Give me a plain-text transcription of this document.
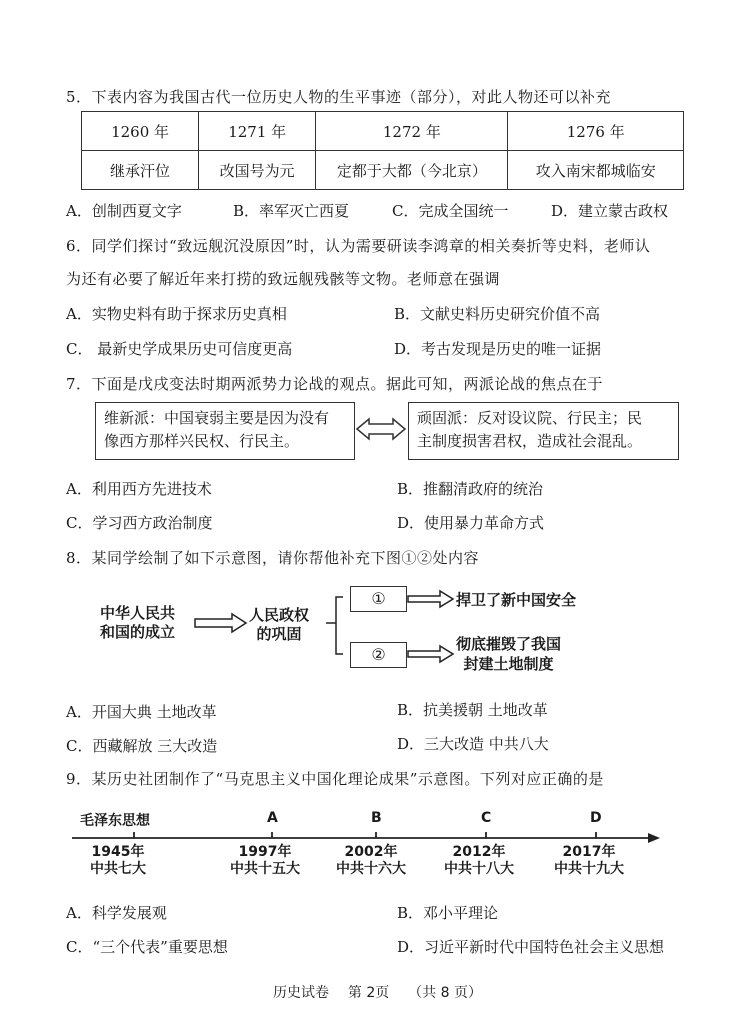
5．下表内容为我国古代一位历史人物的生平事迹（部分），对此人物还可以补充
1260 年	1271 年	1272 年	1276 年
继承汗位	改国号为元	定都于大都（今北京）	攻入南宋都城临安
A．创制西夏文字	B．率军灭亡西夏	C．完成全国统一	D．建立蒙古政权
6．同学们探讨“致远舰沉没原因”时，认为需要研读李鸿章的相关奏折等史料，老师认
为还有必要了解近年来打捞的致远舰残骸等文物。老师意在强调
A．实物史料有助于探求历史真相	B．文献史料历史研究价值不高
C． 最新史学成果历史可信度更高	D．考古发现是历史的唯一证据
7．下面是戊戌变法时期两派势力论战的观点。据此可知，两派论战的焦点在于
维新派：中国衰弱主要是因为没有
像西方那样兴民权、行民主。
顽固派：反对设议院、行民主；民
主制度损害君权，造成社会混乱。
A．利用西方先进技术	B．推翻清政府的统治
C．学习西方政治制度	D．使用暴力革命方式
8．某同学绘制了如下示意图，请你帮他补充下图①②处内容
中华人民共
和国的成立
人民政权
的巩固
①
②
捍卫了新中国安全
彻底摧毁了我国
封建土地制度
A．开国大典 土地改革	B．抗美援朝 土地改革
C．西藏解放 三大改造	D．三大改造 中共八大
9．某历史社团制作了“马克思主义中国化理论成果”示意图。下列对应正确的是
毛泽东思想	A	B	C	D
1945年
中共七大
1997年
中共十五大
2002年
中共十六大
2012年
中共十八大
2017年
中共十九大
A．科学发展观	B．邓小平理论
C．“三个代表”重要思想	D．习近平新时代中国特色社会主义思想
历史试卷 第 2页 （共 8 页）
